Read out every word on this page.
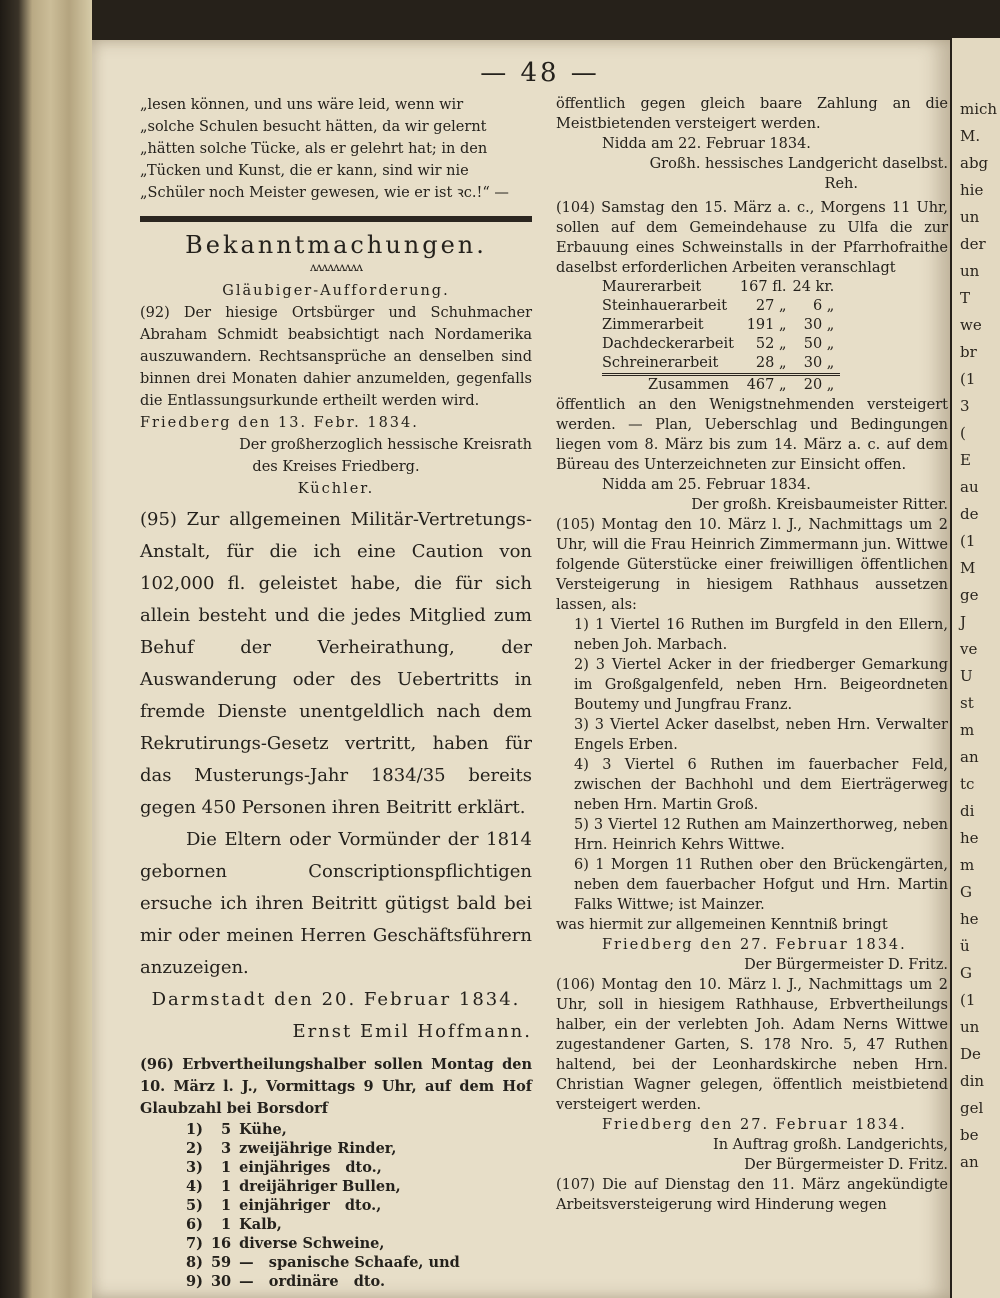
mich
M.
abg
hie
un
der
un
T
we
br
(1
3
(
E
au
de
(1
M
ge
J
ve
U
st
m
an
tc
di
he
m
G
he
ü
G
(1
un
De
din
gel
be
an
— 48 —

„lesen können, und uns wäre leid, wenn wir

„solche Schulen besucht hätten, da wir gelernt

„hätten solche Tücke, als er gelehrt hat; in den

„Tücken und Kunst, die er kann, sind wir nie

„Schüler noch Meister gewesen, wie er ist ꝛc.!“ —

Bekanntmachungen.
ʌʌʌʌʌʌʌʌʌ

Gläubiger-Aufforderung.

(92) Der hiesige Ortsbürger und Schuhmacher Abraham Schmidt beabsichtigt nach Nordamerika auszuwandern. Rechtsansprüche an denselben sind binnen drei Monaten dahier anzumelden, gegenfalls die Entlassungsurkunde ertheilt werden wird.

Friedberg den 13. Febr. 1834.

Der großherzoglich hessische Kreisrath

des Kreises Friedberg.

Küchler.

(95) Zur allgemeinen Militär-Vertretungs-Anstalt, für die ich eine Caution von 102,000 fl. geleistet habe, die für sich allein besteht und die jedes Mitglied zum Behuf der Verheirathung, der Auswanderung oder des Uebertritts in fremde Dienste unentgeldlich nach dem Rekrutirungs-Gesetz vertritt, haben für das Musterungs-Jahr 1834/35 bereits gegen 450 Personen ihren Beitritt erklärt.

Die Eltern oder Vormünder der 1814 gebornen Conscriptionspflichtigen ersuche ich ihren Beitritt gütigst bald bei mir oder meinen Herren Geschäftsführern anzuzeigen.

Darmstadt den 20. Februar 1834.

Ernst Emil Hoffmann.

(96) Erbvertheilungshalber sollen Montag den 10. März l. J., Vormittags 9 Uhr, auf dem Hof Glaubzahl bei Borsdorf

1)	5	Kühe,
2)	3	zweijährige Rinder,
3)	1	einjähriges   dto.,
4)	1	dreijähriger Bullen,
5)	1	einjähriger   dto.,
6)	1	Kalb,
7)	16	diverse Schweine,
8)	59	—   spanische Schaafe, und
9)	30	—   ordinäre   dto.

öffentlich gegen gleich baare Zahlung an die Meistbietenden versteigert werden.

Nidda am 22. Februar 1834.

Großh. hessisches Landgericht daselbst.

Reh.

(104) Samstag den 15. März a. c., Morgens 11 Uhr, sollen auf dem Gemeindehause zu Ulfa die zur Erbauung eines Schweinstalls in der Pfarrhofraithe daselbst erforderlichen Arbeiten veranschlagt

Maurerarbeit	167 fl.	24 kr.
Steinhauerarbeit	27 „	6 „
Zimmerarbeit	191 „	30 „
Dachdeckerarbeit	52 „	50 „
Schreinerarbeit	28 „	30 „
Zusammen	467 „	20 „

öffentlich an den Wenigstnehmenden versteigert werden. — Plan, Ueberschlag und Bedingungen liegen vom 8. März bis zum 14. März a. c. auf dem Büreau des Unterzeichneten zur Einsicht offen.

Nidda am 25. Februar 1834.

Der großh. Kreisbaumeister Ritter.

(105) Montag den 10. März l. J., Nachmittags um 2 Uhr, will die Frau Heinrich Zimmermann jun. Wittwe folgende Güterstücke einer freiwilligen öffentlichen Versteigerung in hiesigem Rathhaus aussetzen lassen, als:

1) 1 Viertel 16 Ruthen im Burgfeld in den Ellern, neben Joh. Marbach.

2) 3 Viertel Acker in der friedberger Gemarkung im Großgalgenfeld, neben Hrn. Beigeordneten Boutemy und Jungfrau Franz.

3) 3 Viertel Acker daselbst, neben Hrn. Verwalter Engels Erben.

4) 3 Viertel 6 Ruthen im fauerbacher Feld, zwischen der Bachhohl und dem Eierträgerweg neben Hrn. Martin Groß.

5) 3 Viertel 12 Ruthen am Mainzerthorweg, neben Hrn. Heinrich Kehrs Wittwe.

6) 1 Morgen 11 Ruthen ober den Brückengärten, neben dem fauerbacher Hofgut und Hrn. Martin Falks Wittwe; ist Mainzer.

was hiermit zur allgemeinen Kenntniß bringt

Friedberg den 27. Februar 1834.

Der Bürgermeister D. Fritz.

(106) Montag den 10. März l. J., Nachmittags um 2 Uhr, soll in hiesigem Rathhause, Erbvertheilungs halber, ein der verlebten Joh. Adam Nerns Wittwe zugestandener Garten, S. 178 Nro. 5, 47 Ruthen haltend, bei der Leonhardskirche neben Hrn. Christian Wagner gelegen, öffentlich meistbietend versteigert werden.

Friedberg den 27. Februar 1834.

In Auftrag großh. Landgerichts,

Der Bürgermeister D. Fritz.

(107) Die auf Dienstag den 11. März angekündigte Arbeitsversteigerung wird Hinderung wegen
